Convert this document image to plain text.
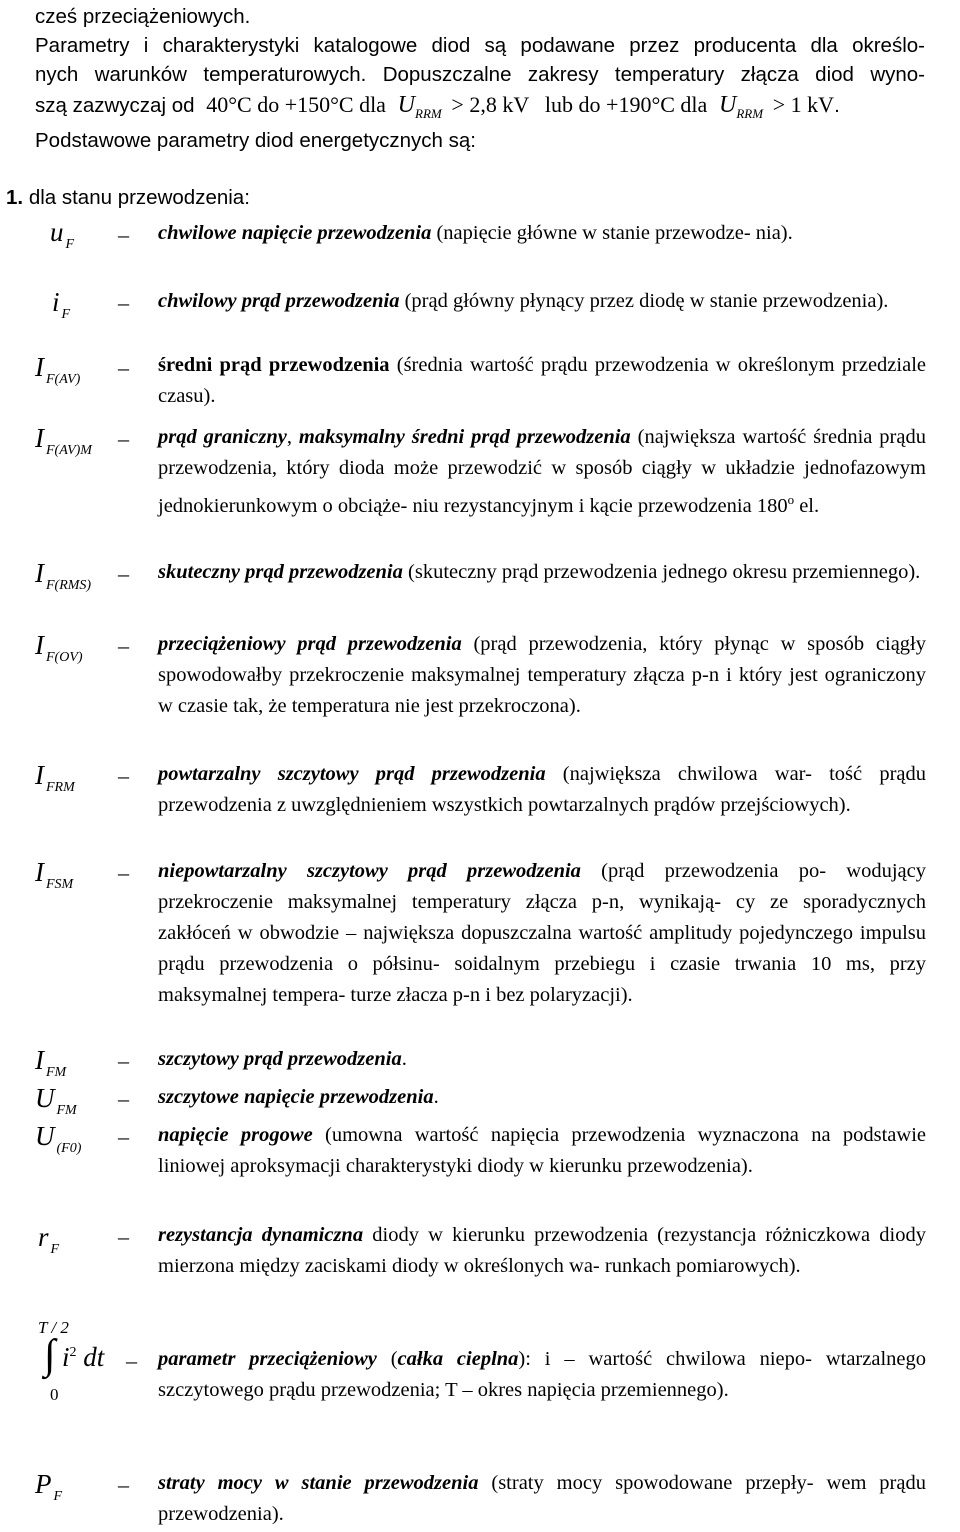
cześ przeciążeniowych.
Parametry i charakterystyki katalogowe diod są podawane przez producenta dla określo-
nych warunków temperaturowych. Dopuszczalne zakresy temperatury złącza diod wyno-
szą zazwyczaj od 40°C do +150°C dla $U_{RRM} > 2,8$ kV lub do +190°C dla $U_{RRM} > 1$ kV.
Podstawowe parametry diod energetycznych są:
1. dla stanu przewodzenia:
u $_F$ – chwilowe napięcie przewodzenia (napięcie główne w stanie przewodze- nia).
i $_F$ – chwilowy prąd przewodzenia (prąd główny płynący przez diodę w stanie przewodzenia).
I $_{F(AV)}$ – średni prąd przewodzenia (średnia wartość prądu przewodzenia w określonym przedziale czasu).
I $_{F(AV)M}$ – prąd graniczny, maksymalny średni prąd przewodzenia (największa wartość średnia prądu przewodzenia, który dioda może przewodzić w sposób ciągły w układzie jednofazowym jednokierunkowym o obciąże- niu rezystancyjnym i kącie przewodzenia 180$^o$ el.
I $_{F(RMS)}$ – skuteczny prąd przewodzenia (skuteczny prąd przewodzenia jednego okresu przemiennego).
I $_{F(OV)}$ – przeciążeniowy prąd przewodzenia (prąd przewodzenia, który płynąc w sposób ciągły spowodowałby przekroczenie maksymalnej temperatury złącza p-n i który jest ograniczony w czasie tak, że temperatura nie jest przekroczona).
I $_{FRM}$ – powtarzalny szczytowy prąd przewodzenia (największa chwilowa war- tość prądu przewodzenia z uwzględnieniem wszystkich powtarzalnych prądów przejściowych).
I $_{FSM}$ – niepowtarzalny szczytowy prąd przewodzenia (prąd przewodzenia po- wodujący przekroczenie maksymalnej temperatury złącza p-n, wynikają- cy ze sporadycznych zakłóceń w obwodzie – największa dopuszczalna wartość amplitudy pojedynczego impulsu prądu przewodzenia o półsinu- soidalnym przebiegu i czasie trwania 10 ms, przy maksymalnej tempera- turze złacza p-n i bez polaryzacji).
I $_{FM}$ – szczytowy prąd przewodzenia.
U $_{FM}$ – szczytowe napięcie przewodzenia.
U $_{(F0)}$ – napięcie progowe (umowna wartość napięcia przewodzenia wyznaczona na podstawie liniowej aproksymacji charakterystyki diody w kierunku przewodzenia).
r $_F$
– rezystancja dynamiczna diody w kierunku przewodzenia (rezystancja różniczkowa diody mierzona między zaciskami diody w określonych wa- runkach pomiarowych).
T / 2
∫ $i^2$ dt
0
– parametr przeciążeniowy (całka cieplna): i – wartość chwilowa niepo- wtarzalnego szczytowego prądu przewodzenia; T – okres napięcia przemiennego).
P $_F$	– straty mocy w stanie przewodzenia (straty mocy spowodowane przepły- wem prądu przewodzenia).
